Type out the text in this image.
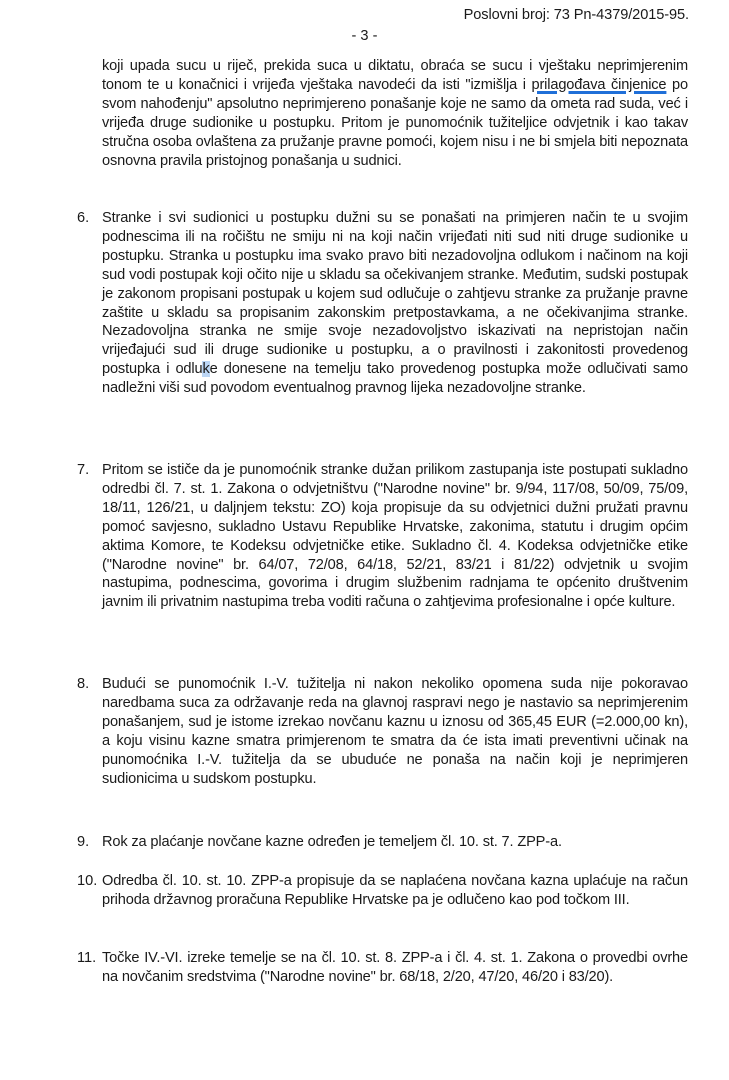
Poslovni broj: 73 Pn-4379/2015-95.
- 3 -
koji upada sucu u riječ, prekida suca u diktatu, obraća se sucu i vještaku neprimjerenim tonom te u konačnici i vrijeđa vještaka navodeći da isti "izmišlja i prilagođava činjenice po svom nahođenju" apsolutno neprimjereno ponašanje koje ne samo da ometa rad suda, već i vrijeđa druge sudionike u postupku. Pritom je punomoćnik tužiteljice odvjetnik i kao takav stručna osoba ovlaštena za pružanje pravne pomoći, kojem nisu i ne bi smjela biti nepoznata osnovna pravila pristojnog ponašanja u sudnici.
6. Stranke i svi sudionici u postupku dužni su se ponašati na primjeren način te u svojim podnescima ili na ročištu ne smiju ni na koji način vrijeđati niti sud niti druge sudionike u postupku. Stranka u postupku ima svako pravo biti nezadovoljna odlukom i načinom na koji sud vodi postupak koji očito nije u skladu sa očekivanjem stranke. Međutim, sudski postupak je zakonom propisani postupak u kojem sud odlučuje o zahtjevu stranke za pružanje pravne zaštite u skladu sa propisanim zakonskim pretpostavkama, a ne očekivanjima stranke. Nezadovoljna stranka ne smije svoje nezadovoljstvo iskazivati na nepristojan način vrijeđajući sud ili druge sudionike u postupku, a o pravilnosti i zakonitosti provedenog postupka i odluke donesene na temelju tako provedenog postupka može odlučivati samo nadležni viši sud povodom eventualnog pravnog lijeka nezadovoljne stranke.
7. Pritom se ističe da je punomoćnik stranke dužan prilikom zastupanja iste postupati sukladno odredbi čl. 7. st. 1. Zakona o odvjetništvu ("Narodne novine" br. 9/94, 117/08, 50/09, 75/09, 18/11, 126/21, u daljnjem tekstu: ZO) koja propisuje da su odvjetnici dužni pružati pravnu pomoć savjesno, sukladno Ustavu Republike Hrvatske, zakonima, statutu i drugim općim aktima Komore, te Kodeksu odvjetničke etike. Sukladno čl. 4. Kodeksa odvjetničke etike ("Narodne novine" br. 64/07, 72/08, 64/18, 52/21, 83/21 i 81/22) odvjetnik u svojim nastupima, podnescima, govorima i drugim službenim radnjama te općenito društvenim javnim ili privatnim nastupima treba voditi računa o zahtjevima profesionalne i opće kulture.
8. Budući se punomoćnik I.-V. tužitelja ni nakon nekoliko opomena suda nije pokoravao naredbama suca za održavanje reda na glavnoj raspravi nego je nastavio sa neprimjerenim ponašanjem, sud je istome izrekao novčanu kaznu u iznosu od 365,45 EUR (=2.000,00 kn), a koju visinu kazne smatra primjerenom te smatra da će ista imati preventivni učinak na punomoćnika I.-V. tužitelja da se ubuduće ne ponaša na način koji je neprimjeren sudionicima u sudskom postupku.
9. Rok za plaćanje novčane kazne određen je temeljem čl. 10. st. 7. ZPP-a.
10. Odredba čl. 10. st. 10. ZPP-a propisuje da se naplaćena novčana kazna uplaćuje na račun prihoda državnog proračuna Republike Hrvatske pa je odlučeno kao pod točkom III.
11. Točke IV.-VI. izreke temelje se na čl. 10. st. 8. ZPP-a i čl. 4. st. 1. Zakona o provedbi ovrhe na novčanim sredstvima ("Narodne novine" br. 68/18, 2/20, 47/20, 46/20 i 83/20).
